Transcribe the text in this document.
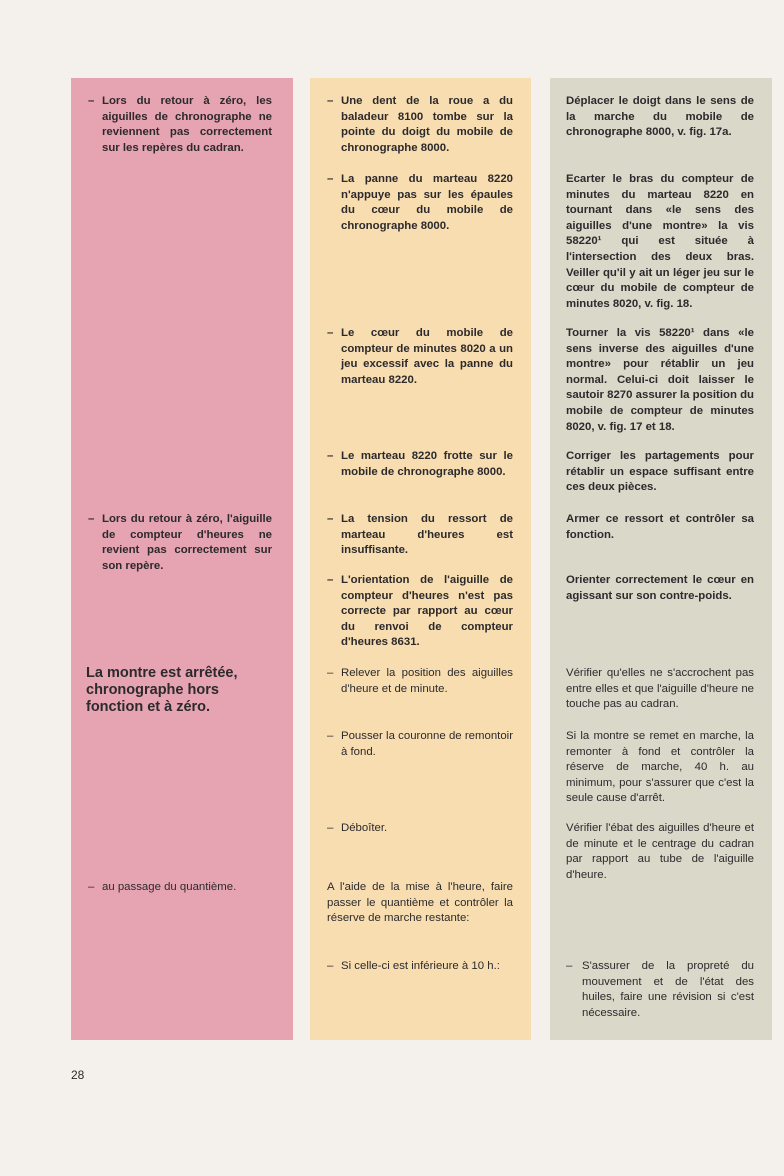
– Lors du retour à zéro, les aiguilles de chronographe ne reviennent pas correctement sur les repères du cadran.
– Lors du retour à zéro, l'aiguille de compteur d'heures ne revient pas correctement sur son repère.
La montre est arrêtée, chronographe hors fonction et à zéro.
– au passage du quantième.
– Une dent de la roue a du baladeur 8100 tombe sur la pointe du doigt du mobile de chronographe 8000.
– La panne du marteau 8220 n'appuye pas sur les épaules du cœur du mobile de chronographe 8000.
– Le cœur du mobile de compteur de minutes 8020 a un jeu excessif avec la panne du marteau 8220.
– Le marteau 8220 frotte sur le mobile de chronographe 8000.
– La tension du ressort de marteau d'heures est insuffisante.
– L'orientation de l'aiguille de compteur d'heures n'est pas correcte par rapport au cœur du renvoi de compteur d'heures 8631.
– Relever la position des aiguilles d'heure et de minute.
– Pousser la couronne de remontoir à fond.
– Déboîter.
A l'aide de la mise à l'heure, faire passer le quantième et contrôler la réserve de marche restante:
– Si celle-ci est inférieure à 10 h.:
Déplacer le doigt dans le sens de la marche du mobile de chronographe 8000, v. fig. 17a.
Ecarter le bras du compteur de minutes du marteau 8220 en tournant dans «le sens des aiguilles d'une montre» la vis 58220¹ qui est située à l'intersection des deux bras. Veiller qu'il y ait un léger jeu sur le cœur du mobile de compteur de minutes 8020, v. fig. 18.
Tourner la vis 58220¹ dans «le sens inverse des aiguilles d'une montre» pour rétablir un jeu normal. Celui-ci doit laisser le sautoir 8270 assurer la position du mobile de compteur de minutes 8020, v. fig. 17 et 18.
Corriger les partagements pour rétablir un espace suffisant entre ces deux pièces.
Armer ce ressort et contrôler sa fonction.
Orienter correctement le cœur en agissant sur son contre-poids.
Vérifier qu'elles ne s'accrochent pas entre elles et que l'aiguille d'heure ne touche pas au cadran.
Si la montre se remet en marche, la remonter à fond et contrôler la réserve de marche, 40 h. au minimum, pour s'assurer que c'est la seule cause d'arrêt.
Vérifier l'ébat des aiguilles d'heure et de minute et le centrage du cadran par rapport au tube de l'aiguille d'heure.
– S'assurer de la propreté du mouvement et de l'état des huiles, faire une révision si c'est nécessaire.
28
